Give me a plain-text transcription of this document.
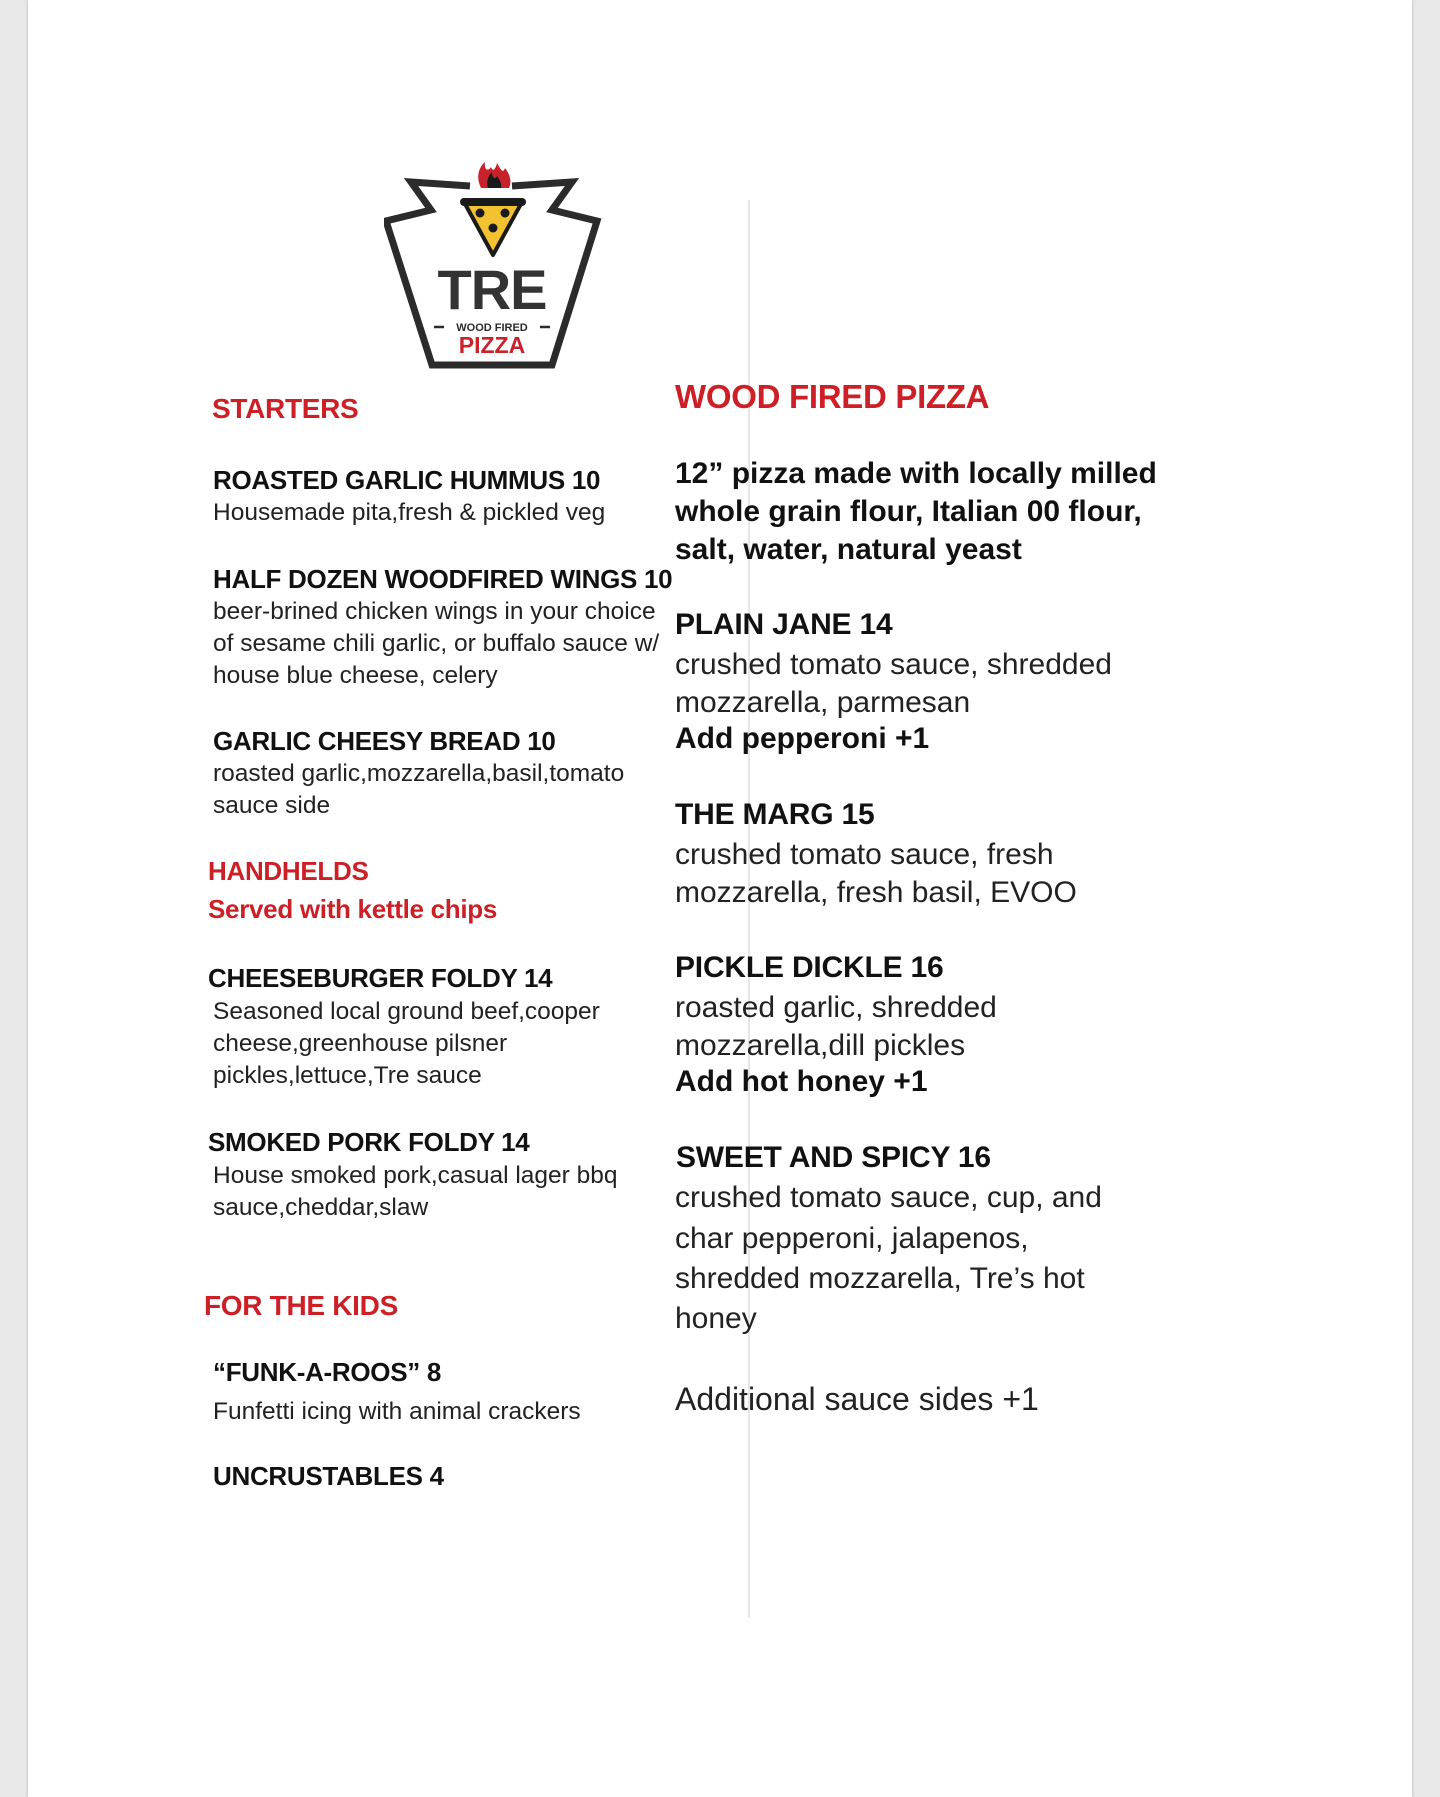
TRE
WOOD FIRED
PIZZA
STARTERS
ROASTED GARLIC HUMMUS 10
Housemade pita,fresh & pickled veg
HALF DOZEN WOODFIRED WINGS 10
beer-brined chicken wings in your choice
of sesame chili garlic, or buffalo sauce w/
house blue cheese, celery
GARLIC CHEESY BREAD 10
roasted garlic,mozzarella,basil,tomato
sauce side
HANDHELDS
Served with kettle chips
CHEESEBURGER FOLDY 14
Seasoned local ground beef,cooper
cheese,greenhouse pilsner
pickles,lettuce,Tre sauce
SMOKED PORK FOLDY 14
House smoked pork,casual lager bbq
sauce,cheddar,slaw
FOR THE KIDS
“FUNK-A-ROOS” 8
Funfetti icing with animal crackers
UNCRUSTABLES 4
WOOD FIRED PIZZA
12” pizza made with locally milled
whole grain flour, Italian 00 flour,
salt, water, natural yeast
PLAIN JANE 14
crushed tomato sauce, shredded
mozzarella, parmesan
Add pepperoni +1
THE MARG 15
crushed tomato sauce, fresh
mozzarella, fresh basil, EVOO
PICKLE DICKLE 16
roasted garlic, shredded
mozzarella,dill pickles
Add hot honey +1
SWEET AND SPICY 16
crushed tomato sauce, cup, and
char pepperoni, jalapenos,
shredded mozzarella, Tre’s hot
honey
Additional sauce sides +1
